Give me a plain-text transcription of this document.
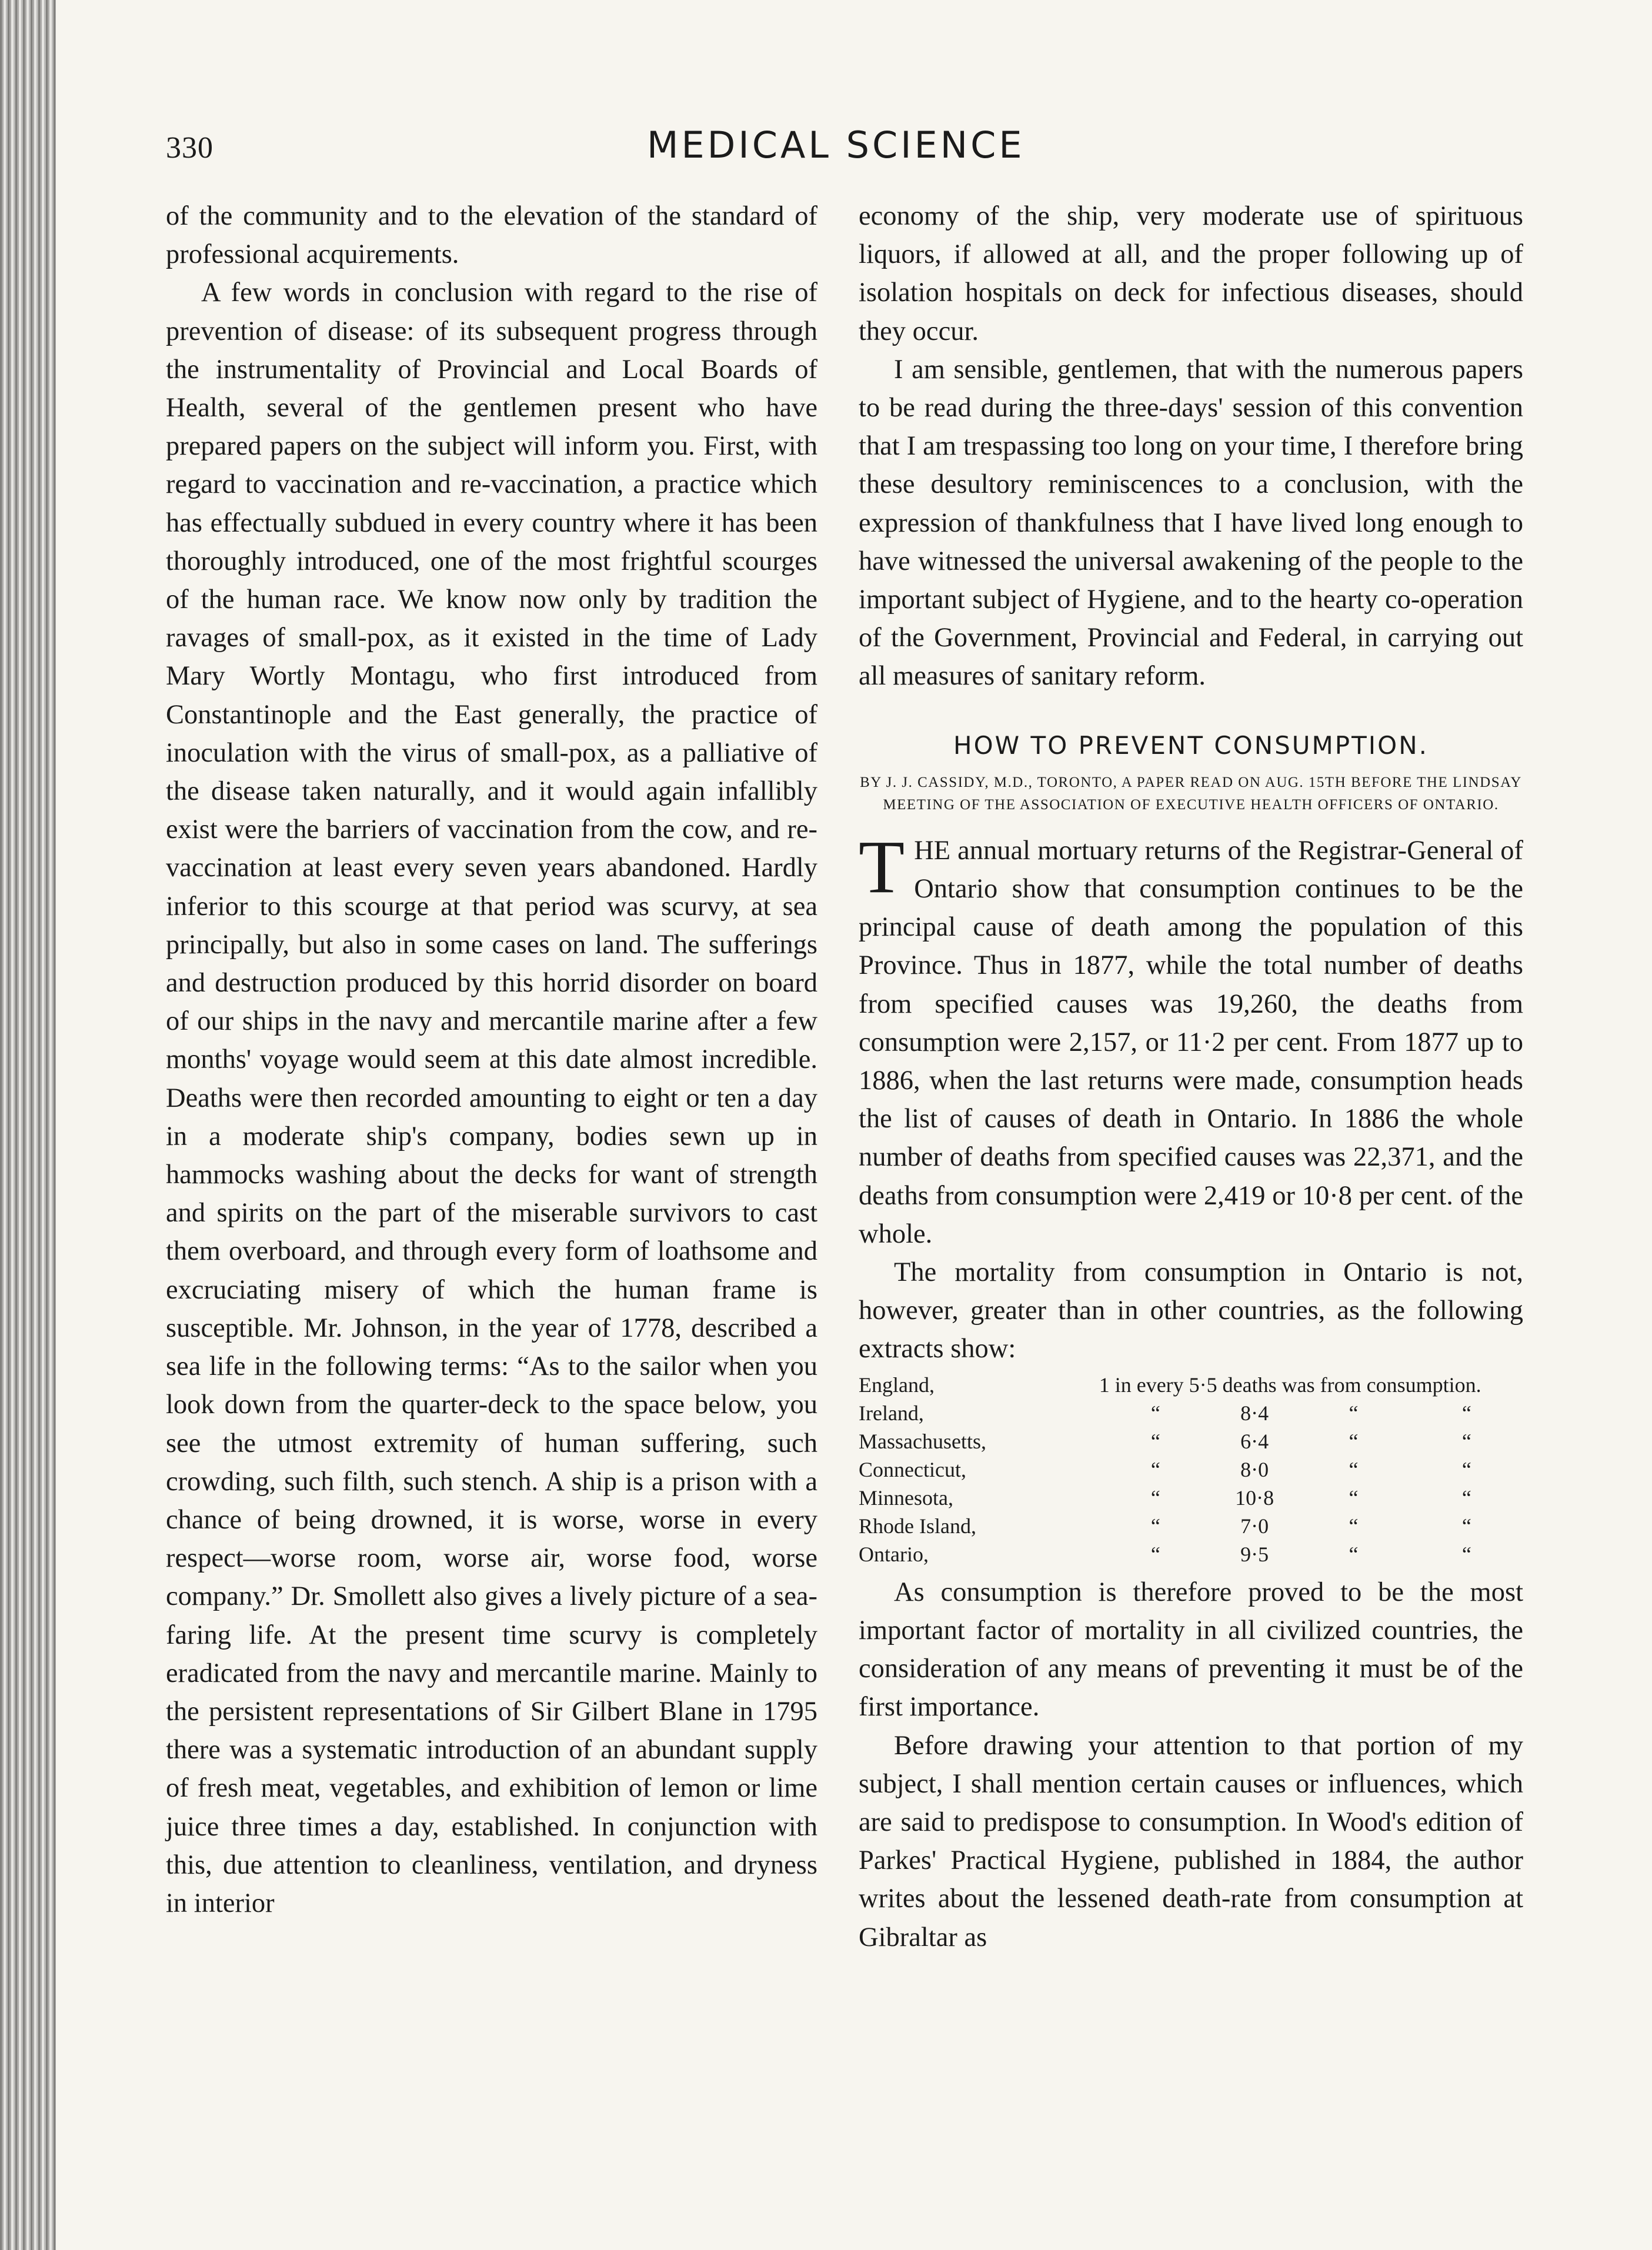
330	MEDICAL SCIENCE

of the community and to the elevation of the standard of professional acquirements.

A few words in conclusion with regard to the rise of prevention of disease: of its subsequent progress through the instrumentality of Provincial and Local Boards of Health, several of the gentlemen present who have prepared papers on the subject will inform you. First, with regard to vaccination and re-vaccination, a practice which has effectually subdued in every country where it has been thoroughly introduced, one of the most frightful scourges of the human race. We know now only by tradition the ravages of small-pox, as it existed in the time of Lady Mary Wortly Montagu, who first introduced from Constantinople and the East generally, the practice of inoculation with the virus of small-pox, as a palliative of the disease taken naturally, and it would again infallibly exist were the barriers of vaccination from the cow, and re-vaccination at least every seven years abandoned. Hardly inferior to this scourge at that period was scurvy, at sea principally, but also in some cases on land. The sufferings and destruction produced by this horrid disorder on board of our ships in the navy and mercantile marine after a few months' voyage would seem at this date almost incredible. Deaths were then recorded amounting to eight or ten a day in a moderate ship's company, bodies sewn up in hammocks washing about the decks for want of strength and spirits on the part of the miserable survivors to cast them overboard, and through every form of loathsome and excruciating misery of which the human frame is susceptible. Mr. Johnson, in the year of 1778, described a sea life in the following terms: “As to the sailor when you look down from the quarter-deck to the space below, you see the utmost extremity of human suffering, such crowding, such filth, such stench. A ship is a prison with a chance of being drowned, it is worse, worse in every respect—worse room, worse air, worse food, worse company.” Dr. Smollett also gives a lively picture of a sea-faring life. At the present time scurvy is completely eradicated from the navy and mercantile marine. Mainly to the persistent representations of Sir Gilbert Blane in 1795 there was a systematic introduction of an abundant supply of fresh meat, vegetables, and exhibition of lemon or lime juice three times a day, established. In conjunction with this, due attention to cleanliness, ventilation, and dryness in interior

economy of the ship, very moderate use of spirituous liquors, if allowed at all, and the proper following up of isolation hospitals on deck for infectious diseases, should they occur.

I am sensible, gentlemen, that with the numerous papers to be read during the three-days' session of this convention that I am trespassing too long on your time, I therefore bring these desultory reminiscences to a conclusion, with the expression of thankfulness that I have lived long enough to have witnessed the universal awakening of the people to the important subject of Hygiene, and to the hearty co-operation of the Government, Provincial and Federal, in carrying out all measures of sanitary reform.

HOW TO PREVENT CONSUMPTION.
BY J. J. CASSIDY, M.D., TORONTO, A PAPER READ ON AUG. 15TH BEFORE THE LINDSAY MEETING OF THE ASSOCIATION OF EXECUTIVE HEALTH OFFICERS OF ONTARIO.

THE annual mortuary returns of the Registrar-General of Ontario show that consumption continues to be the principal cause of death among the population of this Province. Thus in 1877, while the total number of deaths from specified causes was 19,260, the deaths from consumption were 2,157, or 11·2 per cent. From 1877 up to 1886, when the last returns were made, consumption heads the list of causes of death in Ontario. In 1886 the whole number of deaths from specified causes was 22,371, and the deaths from consumption were 2,419 or 10·8 per cent. of the whole.

The mortality from consumption in Ontario is not, however, greater than in other countries, as the following extracts show:

England,	1 in every 5·5 deaths was from consumption.			
Ireland,	“	8·4	“	“
Massachusetts,	“	6·4	“	“
Connecticut,	“	8·0	“	“
Minnesota,	“	10·8	“	“
Rhode Island,	“	7·0	“	“
Ontario,	“	9·5	“	“

As consumption is therefore proved to be the most important factor of mortality in all civilized countries, the consideration of any means of preventing it must be of the first importance.

Before drawing your attention to that portion of my subject, I shall mention certain causes or influences, which are said to predispose to consumption. In Wood's edition of Parkes' Practical Hygiene, published in 1884, the author writes about the lessened death-rate from consumption at Gibraltar as
